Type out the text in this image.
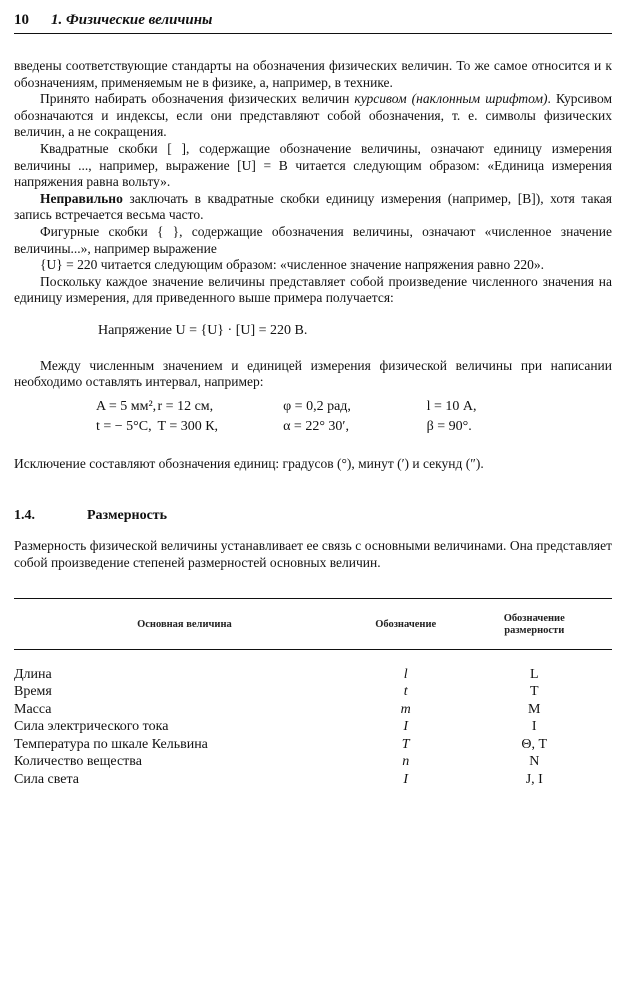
10 1. Физические величины

введены соответствующие стандарты на обозначения физических величин. То же самое относится и к обозначениям, применяемым не в физике, а, например, в технике.

Принято набирать обозначения физических величин курсивом (наклонным шрифтом). Курсивом обозначаются и индексы, если они представляют собой обозначения, т. е. символы физических величин, а не сокращения.

Квадратные скобки [ ], содержащие обозначение величины, означают единицу измерения величины ..., например, выражение [U] = В читается следующим образом: «Единица измерения напряжения равна вольту».

Неправильно заключать в квадратные скобки единицу измерения (например, [В]), хотя такая запись встречается весьма часто.

Фигурные скобки { }, содержащие обозначения величины, означают «численное значение величины...», например выражение

{U} = 220 читается следующим образом: «численное значение напряжения равно 220».

Поскольку каждое значение величины представляет собой произведение численного значения на единицу измерения, для приведенного выше примера получается:

Напряжение U = {U} · [U] = 220 В.

Между численным значением и единицей измерения физической величины при написании необходимо оставлять интервал, например:

A = 5 мм²,	r = 12 см,	φ = 0,2 рад,	l = 10 А,
t = − 5°C,	T = 300 К,	α = 22° 30′,	β = 90°.

Исключение составляют обозначения единиц: градусов (°), минут (′) и секунд (″).

1.4.	Размерность
Размерность физической величины устанавливает ее связь с основными величинами. Она представляет собой произведение степеней размерностей основных величин.
Основная величина	Обозначение	Обозначение
размерности
Длина	l	L
Время	t	T
Масса	m	M
Сила электрического тока	I	I
Температура по шкале Кельвина	T	Θ, T
Количество вещества	n	N
Сила света	I	J, I
